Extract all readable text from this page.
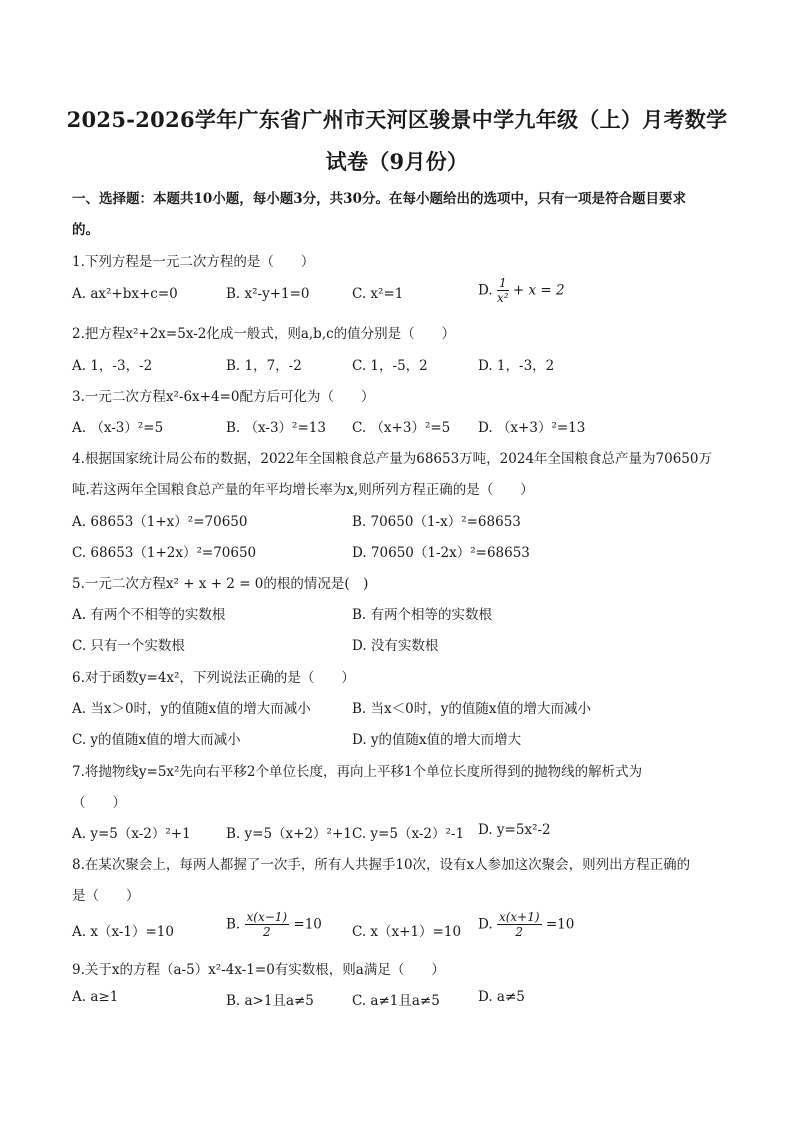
2025-2026学年广东省广州市天河区骏景中学九年级（上）月考数学
试卷（9月份）
一、选择题：本题共10小题，每小题3分，共30分。在每小题给出的选项中，只有一项是符合题目要求
的。
1.下列方程是一元二次方程的是（　　）
A. ax²+bx+c=0	B. x²-y+1=0	C. x²=1	D. $\frac{1}{\text{x²}} + x = 2$
2.把方程x²+2x=5x-2化成一般式，则a,b,c的值分别是（　　）
A. 1，-3，-2	B. 1，7，-2	C. 1，-5，2	D. 1，-3，2
3.一元二次方程x²-6x+4=0配方后可化为（　　）
A. （x-3）²=5	B. （x-3）²=13 C. （x+3）²=5 D. （x+3）²=13
4.根据国家统计局公布的数据，2022年全国粮食总产量为68653万吨，2024年全国粮食总产量为70650万
吨.若这两年全国粮食总产量的年平均增长率为x,则所列方程正确的是（　　）
A. 68653（1+x）²=70650	B. 70650（1-x）²=68653
C. 68653（1+2x）²=70650	D. 70650（1-2x）²=68653
5.一元二次方程x² + x + 2 = 0的根的情况是(　)
A. 有两个不相等的实数根	B. 有两个相等的实数根
C. 只有一个实数根	D. 没有实数根
6.对于函数y=4x²，下列说法正确的是（　　）
A. 当x＞0时，y的值随x值的增大而减小	B. 当x＜0时，y的值随x值的增大而减小
C. y的值随x值的增大而减小	D. y的值随x值的增大而增大
7.将抛物线y=5x²先向右平移2个单位长度，再向上平移1个单位长度所得到的抛物线的解析式为
（　　）
A. y=5（x-2）²+1	B. y=5（x+2）²+1 C. y=5（x-2）²-1 D. y=5x²-2
8.在某次聚会上，每两人都握了一次手，所有人共握手10次，设有x人参加这次聚会，则列出方程正确的
是（　　）
A. x（x-1）=10	B. $\frac{x(x-1)}{2} =10$ C. x（x+1）=10 D. $\frac{x(x+1)}{2} =10$
9.关于x的方程（a-5）x²-4x-1=0有实数根，则a满足（　　）
A. a≥1	B. a>1且a≠5	C. a≠1且a≠5	D. a≠5
